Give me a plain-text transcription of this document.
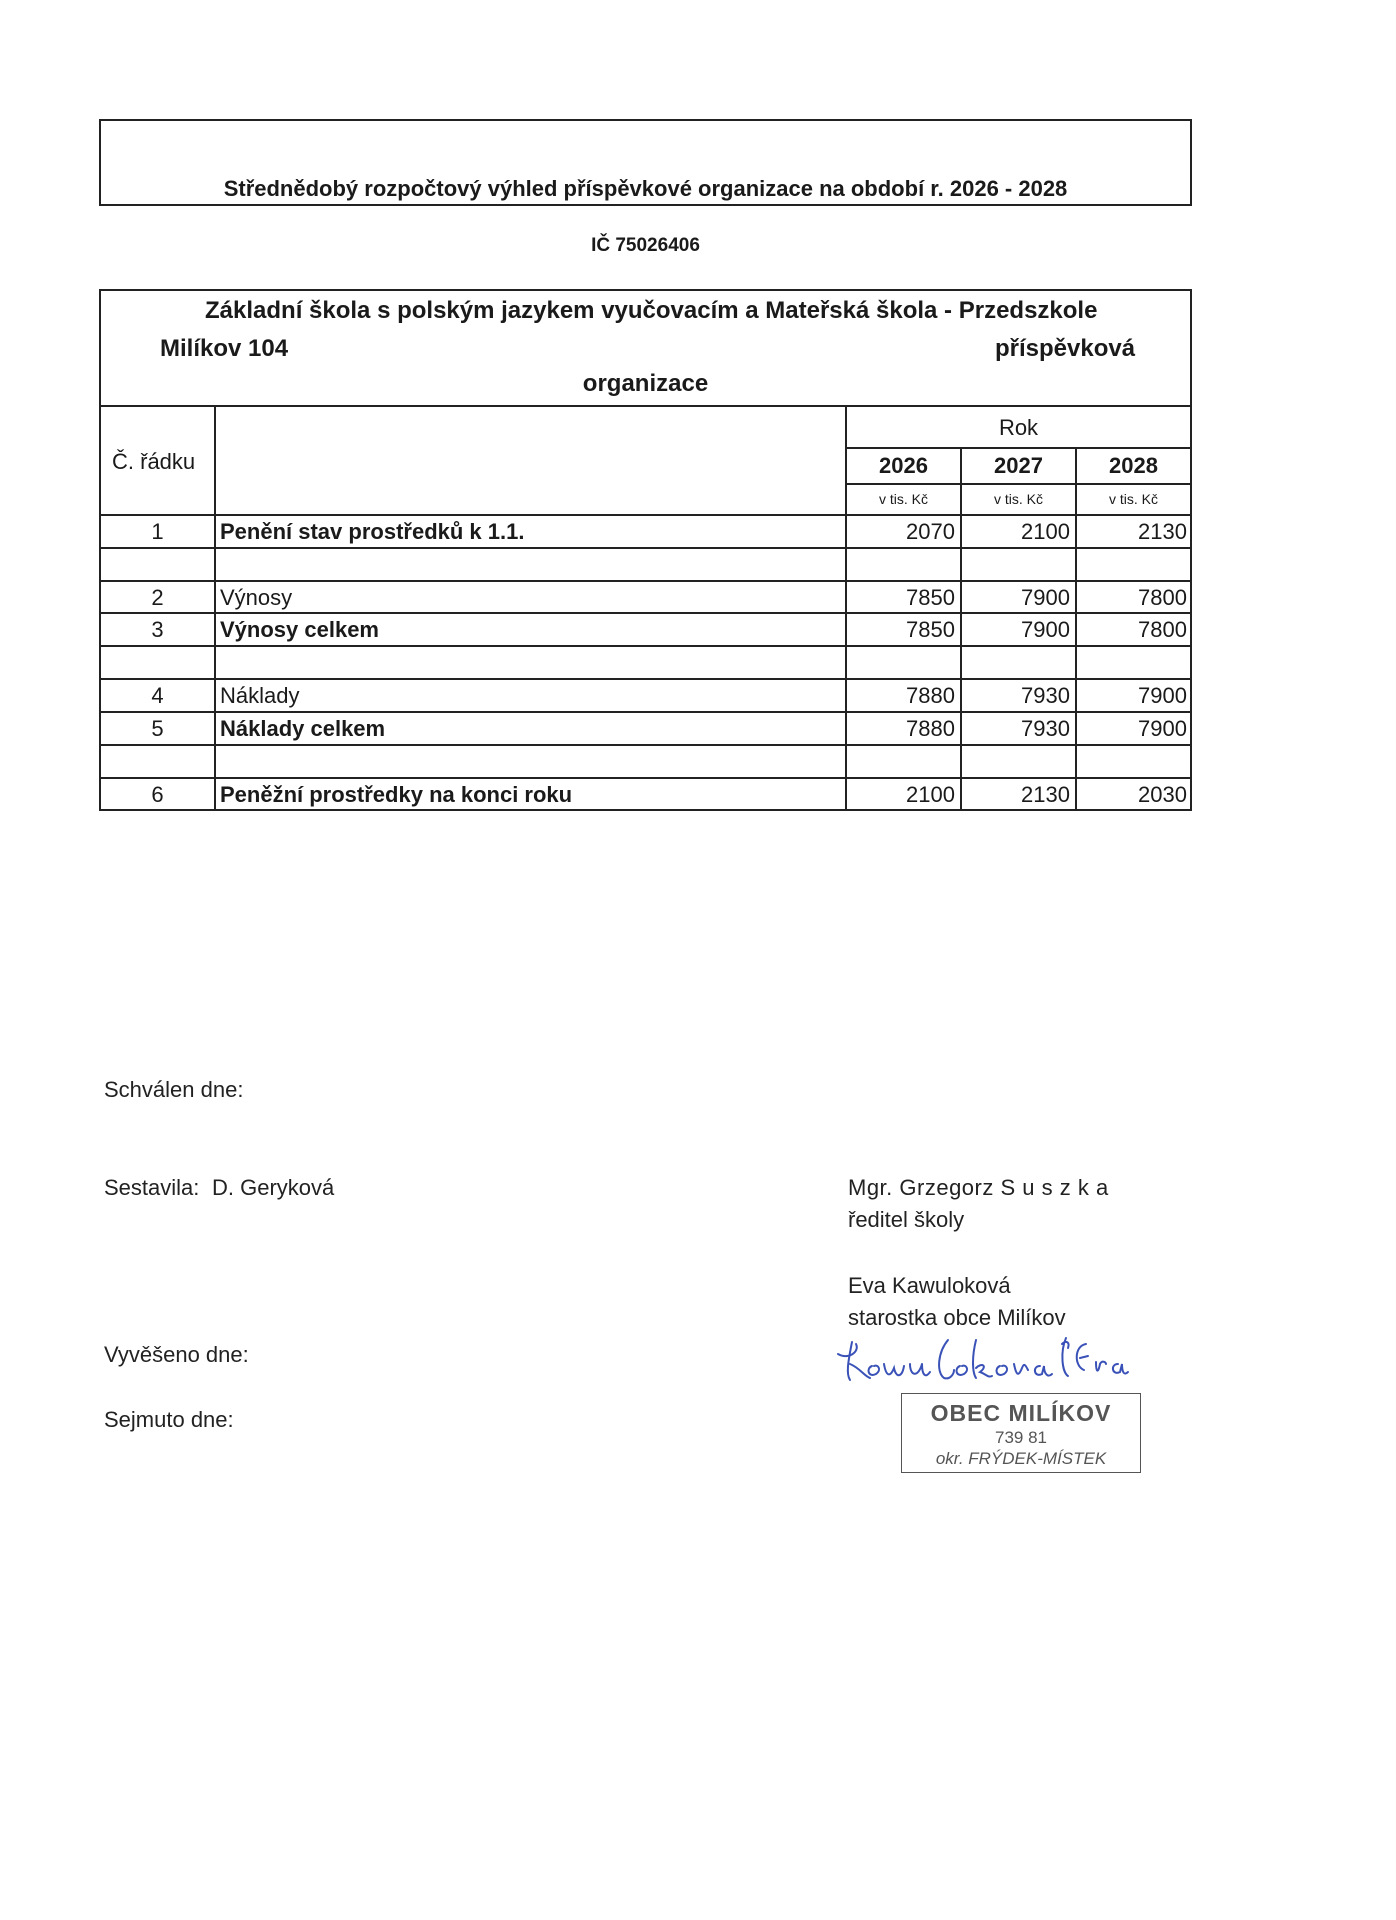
Střednědobý rozpočtový výhled příspěvkové organizace na období r. 2026 - 2028
IČ 75026406
Základní škola s polským jazykem vyučovacím a Mateřská škola - Przedszkole
Milíkov 104	příspěvková
organizace
Č. řádku
Rok
2026	2027	2028
v tis. Kč	v tis. Kč	v tis. Kč
1	Penění stav prostředků k 1.1.	2070	2100	2130
2	Výnosy	7850	7900	7800
3	Výnosy celkem	7850	7900	7800
4	Náklady	7880	7930	7900
5	Náklady celkem	7880	7930	7900
6	Peněžní prostředky na konci roku	2100	2130	2030
Schválen dne:
Sestavila: D. Geryková	Mgr. Grzegorz S u s z k a
ředitel školy
Eva Kawuloková
starostka obce Milíkov
Vyvěšeno dne:
Sejmuto dne:	OBEC MILÍKOV
739 81
okr. FRÝDEK-MÍSTEK
